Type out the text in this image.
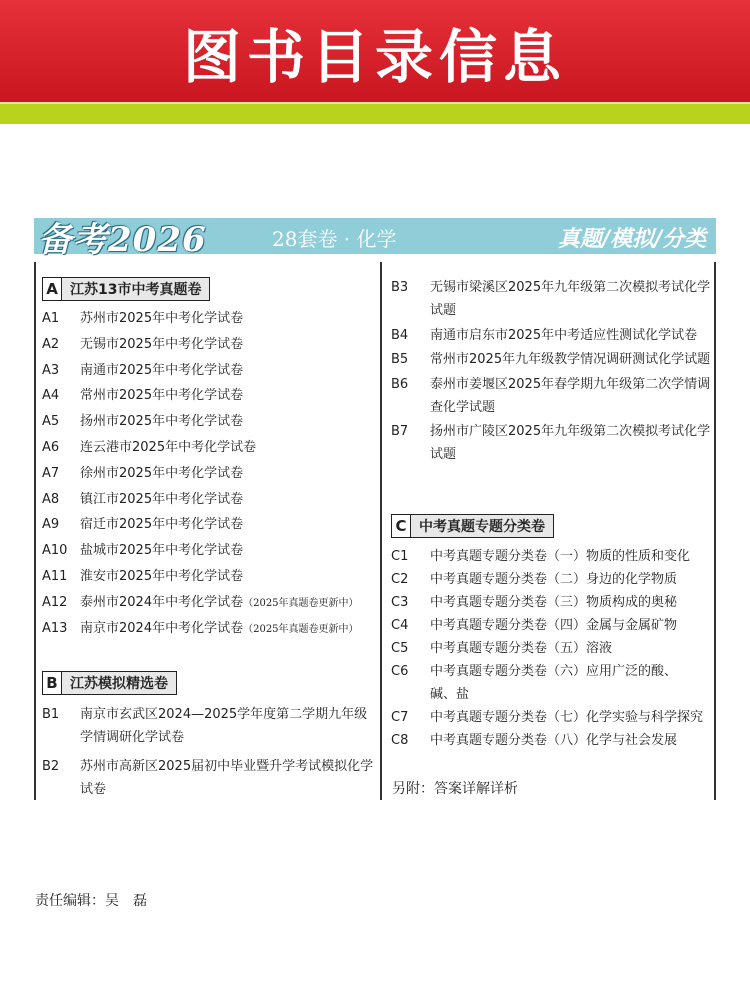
图书目录信息
备考2026	28套卷 · 化学	真题/模拟/分类
A 江苏13市中考真题卷
B 江苏模拟精选卷
C 中考真题专题分类卷
A1 苏州市2025年中考化学试卷
A2 无锡市2025年中考化学试卷
A3 南通市2025年中考化学试卷
A4 常州市2025年中考化学试卷
A5 扬州市2025年中考化学试卷
A6 连云港市2025年中考化学试卷
A7 徐州市2025年中考化学试卷
A8 镇江市2025年中考化学试卷
A9 宿迁市2025年中考化学试卷
A10 盐城市2025年中考化学试卷
A11 淮安市2025年中考化学试卷
A12 泰州市2024年中考化学试卷（2025年真题卷更新中）
A13 南京市2024年中考化学试卷（2025年真题卷更新中）
B1 南京市玄武区2024—2025学年度第二学期九年级
学情调研化学试卷
B2 苏州市高新区2025届初中毕业暨升学考试模拟化学
试卷
B3 无锡市梁溪区2025年九年级第二次模拟考试化学
试题
B4 南通市启东市2025年中考适应性测试化学试卷
B5 常州市2025年九年级教学情况调研测试化学试题
B6 泰州市姜堰区2025年春学期九年级第二次学情调
查化学试题
B7 扬州市广陵区2025年九年级第二次模拟考试化学
试题
C1 中考真题专题分类卷（一）物质的性质和变化
C2 中考真题专题分类卷（二）身边的化学物质
C3 中考真题专题分类卷（三）物质构成的奥秘
C4 中考真题专题分类卷（四）金属与金属矿物
C5 中考真题专题分类卷（五）溶液
C6 中考真题专题分类卷（六）应用广泛的酸、
碱、盐
C7 中考真题专题分类卷（七）化学实验与科学探究
C8 中考真题专题分类卷（八）化学与社会发展
另附：答案详解详析
责任编辑：吴　磊
